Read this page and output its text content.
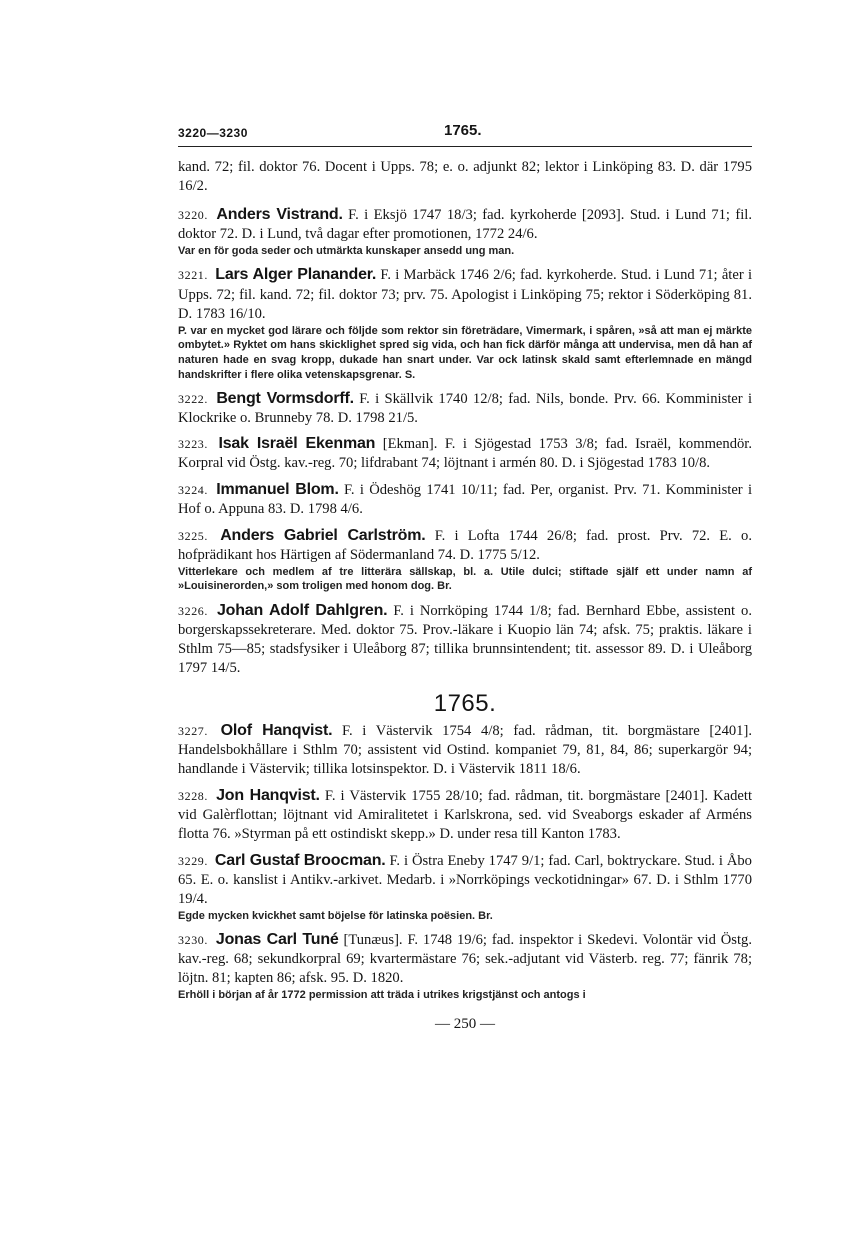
3220—3230	1765.

kand. 72; fil. doktor 76. Docent i Upps. 78; e. o. adjunkt 82; lektor i Linköping 83. D. där 1795 16/2.

3220. Anders Vistrand. F. i Eksjö 1747 18/3; fad. kyrkoherde [2093]. Stud. i Lund 71; fil. doktor 72. D. i Lund, två dagar efter promotionen, 1772 24/6.

Var en för goda seder och utmärkta kunskaper ansedd ung man.

3221. Lars Alger Planander. F. i Marbäck 1746 2/6; fad. kyrkoherde. Stud. i Lund 71; åter i Upps. 72; fil. kand. 72; fil. doktor 73; prv. 75. Apologist i Linköping 75; rektor i Söderköping 81. D. 1783 16/10.

P. var en mycket god lärare och följde som rektor sin företrädare, Vimermark, i spåren, »så att man ej märkte ombytet.» Ryktet om hans skicklighet spred sig vida, och han fick därför många att undervisa, men då han af naturen hade en svag kropp, dukade han snart under. Var ock latinsk skald samt efterlemnade en mängd handskrifter i flere olika vetenskapsgrenar. S.

3222. Bengt Vormsdorff. F. i Skällvik 1740 12/8; fad. Nils, bonde. Prv. 66. Komminister i Klockrike o. Brunneby 78. D. 1798 21/5.

3223. Isak Israël Ekenman [Ekman]. F. i Sjögestad 1753 3/8; fad. Israël, kommendör. Korpral vid Östg. kav.-reg. 70; lifdrabant 74; löjtnant i armén 80. D. i Sjögestad 1783 10/8.

3224. Immanuel Blom. F. i Ödeshög 1741 10/11; fad. Per, organist. Prv. 71. Komminister i Hof o. Appuna 83. D. 1798 4/6.

3225. Anders Gabriel Carlström. F. i Lofta 1744 26/8; fad. prost. Prv. 72. E. o. hofprädikant hos Härtigen af Södermanland 74. D. 1775 5/12.

Vitterlekare och medlem af tre litterära sällskap, bl. a. Utile dulci; stiftade själf ett under namn af »Louisinerorden,» som troligen med honom dog. Br.

3226. Johan Adolf Dahlgren. F. i Norrköping 1744 1/8; fad. Bernhard Ebbe, assistent o. borgerskapssekreterare. Med. doktor 75. Prov.-läkare i Kuopio län 74; afsk. 75; praktis. läkare i Sthlm 75—85; stadsfysiker i Uleåborg 87; tillika brunnsintendent; tit. assessor 89. D. i Uleåborg 1797 14/5.

1765.

3227. Olof Hanqvist. F. i Västervik 1754 4/8; fad. rådman, tit. borgmästare [2401]. Handelsbokhållare i Sthlm 70; assistent vid Ostind. kompaniet 79, 81, 84, 86; superkargör 94; handlande i Västervik; tillika lotsinspektor. D. i Västervik 1811 18/6.

3228. Jon Hanqvist. F. i Västervik 1755 28/10; fad. rådman, tit. borgmästare [2401]. Kadett vid Galèrflottan; löjtnant vid Amiralitetet i Karlskrona, sed. vid Sveaborgs eskader af Arméns flotta 76. »Styrman på ett ostindiskt skepp.» D. under resa till Kanton 1783.

3229. Carl Gustaf Broocman. F. i Östra Eneby 1747 9/1; fad. Carl, boktryckare. Stud. i Åbo 65. E. o. kanslist i Antikv.-arkivet. Medarb. i »Norrköpings veckotidningar» 67. D. i Sthlm 1770 19/4.

Egde mycken kvickhet samt böjelse för latinska poësien. Br.

3230. Jonas Carl Tuné [Tunæus]. F. 1748 19/6; fad. inspektor i Skedevi. Volontär vid Östg. kav.-reg. 68; sekundkorpral 69; kvartermästare 76; sek.-adjutant vid Västerb. reg. 77; fänrik 78; löjtn. 81; kapten 86; afsk. 95. D. 1820.

Erhöll i början af år 1772 permission att träda i utrikes krigstjänst och antogs i

— 250 —
